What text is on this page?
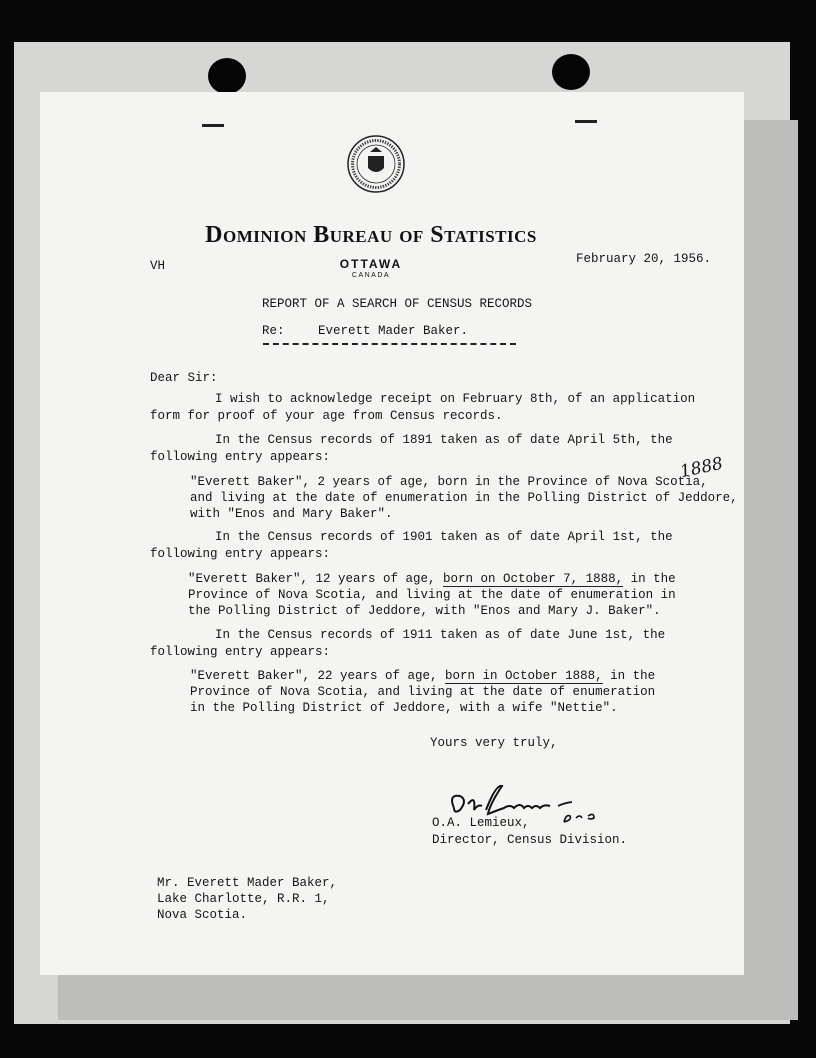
Dominion Bureau of Statistics
OTTAWA
CANADA
VH	February 20, 1956.
REPORT OF A SEARCH OF CENSUS RECORDS
Re:	Everett Mader Baker.
Dear Sir:
I wish to acknowledge receipt on February 8th, of an application
form for proof of your age from Census records.
In the Census records of 1891 taken as of date April 5th, the
following entry appears:
"Everett Baker", 2 years of age, born in the Province of Nova Scotia,
and living at the date of enumeration in the Polling District of Jeddore,
with "Enos and Mary Baker".
1888
In the Census records of 1901 taken as of date April 1st, the
following entry appears:
"Everett Baker", 12 years of age, born on October 7, 1888, in the
Province of Nova Scotia, and living at the date of enumeration in
the Polling District of Jeddore, with "Enos and Mary J. Baker".
In the Census records of 1911 taken as of date June 1st, the
following entry appears:
"Everett Baker", 22 years of age, born in October 1888, in the
Province of Nova Scotia, and living at the date of enumeration
in the Polling District of Jeddore, with a wife "Nettie".
Yours very truly,
O.A. Lemieux,
Director, Census Division.
Mr. Everett Mader Baker,
Lake Charlotte, R.R. 1,
Nova Scotia.
